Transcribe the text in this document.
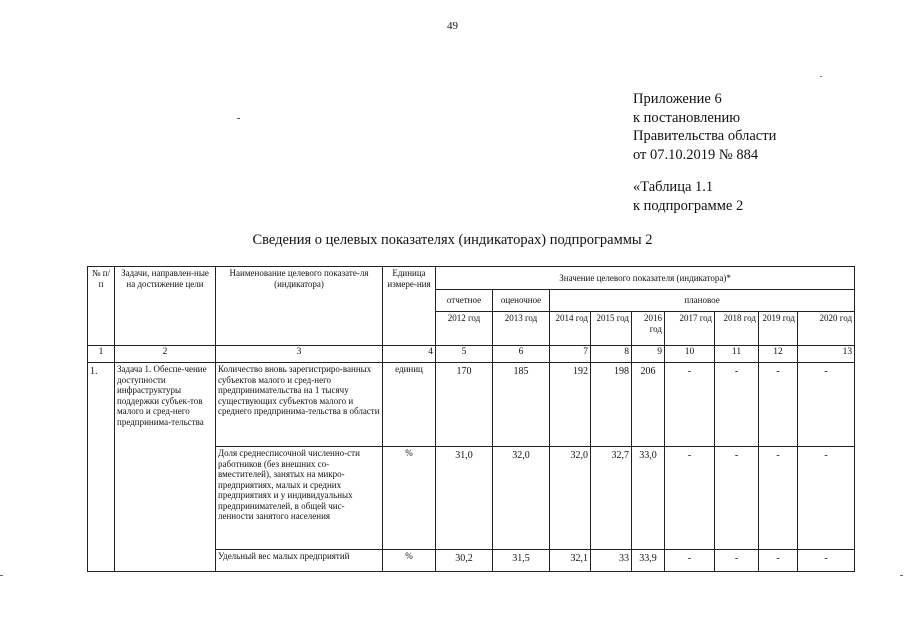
49
Приложение 6
к постановлению
Правительства области
от 07.10.2019 № 884
«Таблица 1.1
к подпрограмме 2
Сведения о целевых показателях (индикаторах) подпрограммы 2
№ п/п	Задачи, направлен-ные на достижение цели	Наименование целевого показате-ля (индикатора)	Единица измере-ния	Значение целевого показателя (индикатора)*								
				отчетное	оценочное	плановое						
				2012 год	2013 год	2014 год	2015 год	2016 год	2017 год	2018 год	2019 год	2020 год
1	2	3	4	5	6	7	8	9	10	11	12	13
1.	Задача 1. Обеспе-чение доступности инфраструктуры поддержки субъек-тов малого и сред-него предпринима-тельства	Количество вновь зарегистриро-ванных субъектов малого и сред-него предпринимательства на 1 тысячу существующих субъектов малого и среднего предпринима-тельства в области	единиц	170	185	192	198	206	-	-	-	-
		Доля среднесписочной численно-сти работников (без внешних со-вместителей), занятых на микро-предприятиях, малых и средних предприятиях и у индивидуальных предпринимателей, в общей чис-ленности занятого населения	%	31,0	32,0	32,0	32,7	33,0	-	-	-	-
		Удельный вес малых предприятий	%	30,2	31,5	32,1	33	33,9	-	-	-	-
